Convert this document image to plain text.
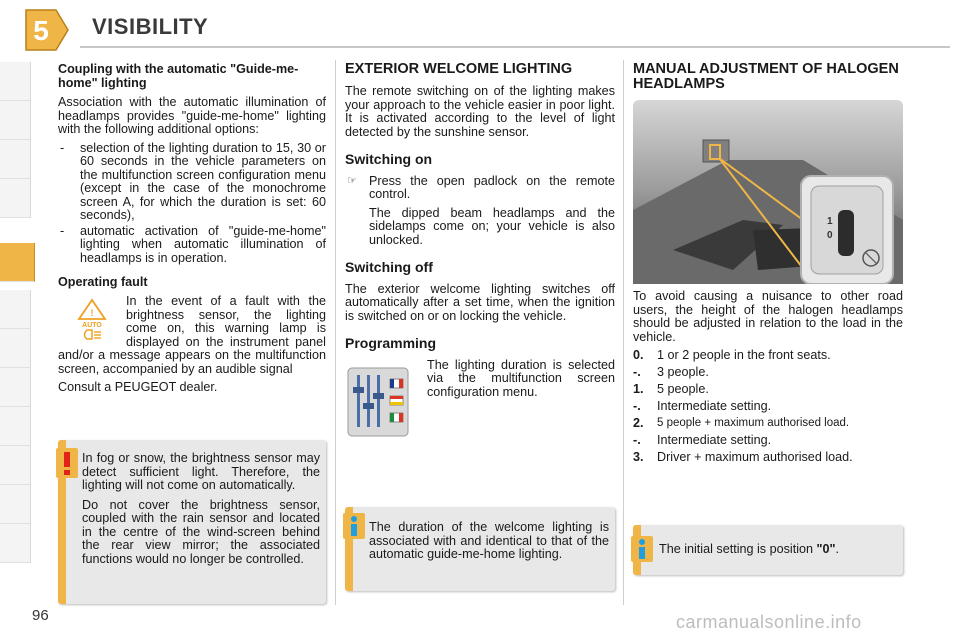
5 VISIBILITY
Coupling with the automatic "Guide-me-home" lighting

Association with the automatic illumination of headlamps provides "guide-me-home" lighting with the following additional options:

- selection of the lighting duration to 15, 30 or 60 seconds in the vehicle parameters on the multifunction screen configuration menu (except in the case of the monochrome screen A, for which the duration is set: 60 seconds),
- automatic activation of "guide-me-home" lighting when automatic illumination of headlamps is in operation.
Operating fault
!
AUTO

In the event of a fault with the brightness sensor, the lighting come on, this warning lamp is displayed on the instrument panel and/or a message appears on the multifunction screen, accompanied by an audible signal

Consult a PEUGEOT dealer.

In fog or snow, the brightness sensor may detect sufficient light. Therefore, the lighting will not come on automatically.

Do not cover the brightness sensor, coupled with the rain sensor and located in the centre of the wind-screen behind the rear view mirror; the associated functions would no longer be controlled.

EXTERIOR WELCOME LIGHTING

The remote switching on of the lighting makes your approach to the vehicle easier in poor light. It is activated according to the level of light detected by the sunshine sensor.

Switching on
☞ Press the open padlock on the remote control.

The dipped beam headlamps and the sidelamps come on; your vehicle is also unlocked.

Switching off

The exterior welcome lighting switches off automatically after a set time, when the ignition is switched on or on locking the vehicle.

Programming

The lighting duration is selected via the multifunction screen configuration menu.

The duration of the welcome lighting is associated with and identical to that of the automatic guide-me-home lighting.

MANUAL ADJUSTMENT OF HALOGEN HEADLAMPS
1
0

To avoid causing a nuisance to other road users, the height of the halogen headlamps should be adjusted in relation to the load in the vehicle.

0.	1 or 2 people in the front seats.
-.	3 people.
1.	5 people.
-.	Intermediate setting.
2.	5 people + maximum authorised load.
-.	Intermediate setting.
3.	Driver + maximum authorised load.
The initial setting is position "0".
96	carmanualsonline.info
